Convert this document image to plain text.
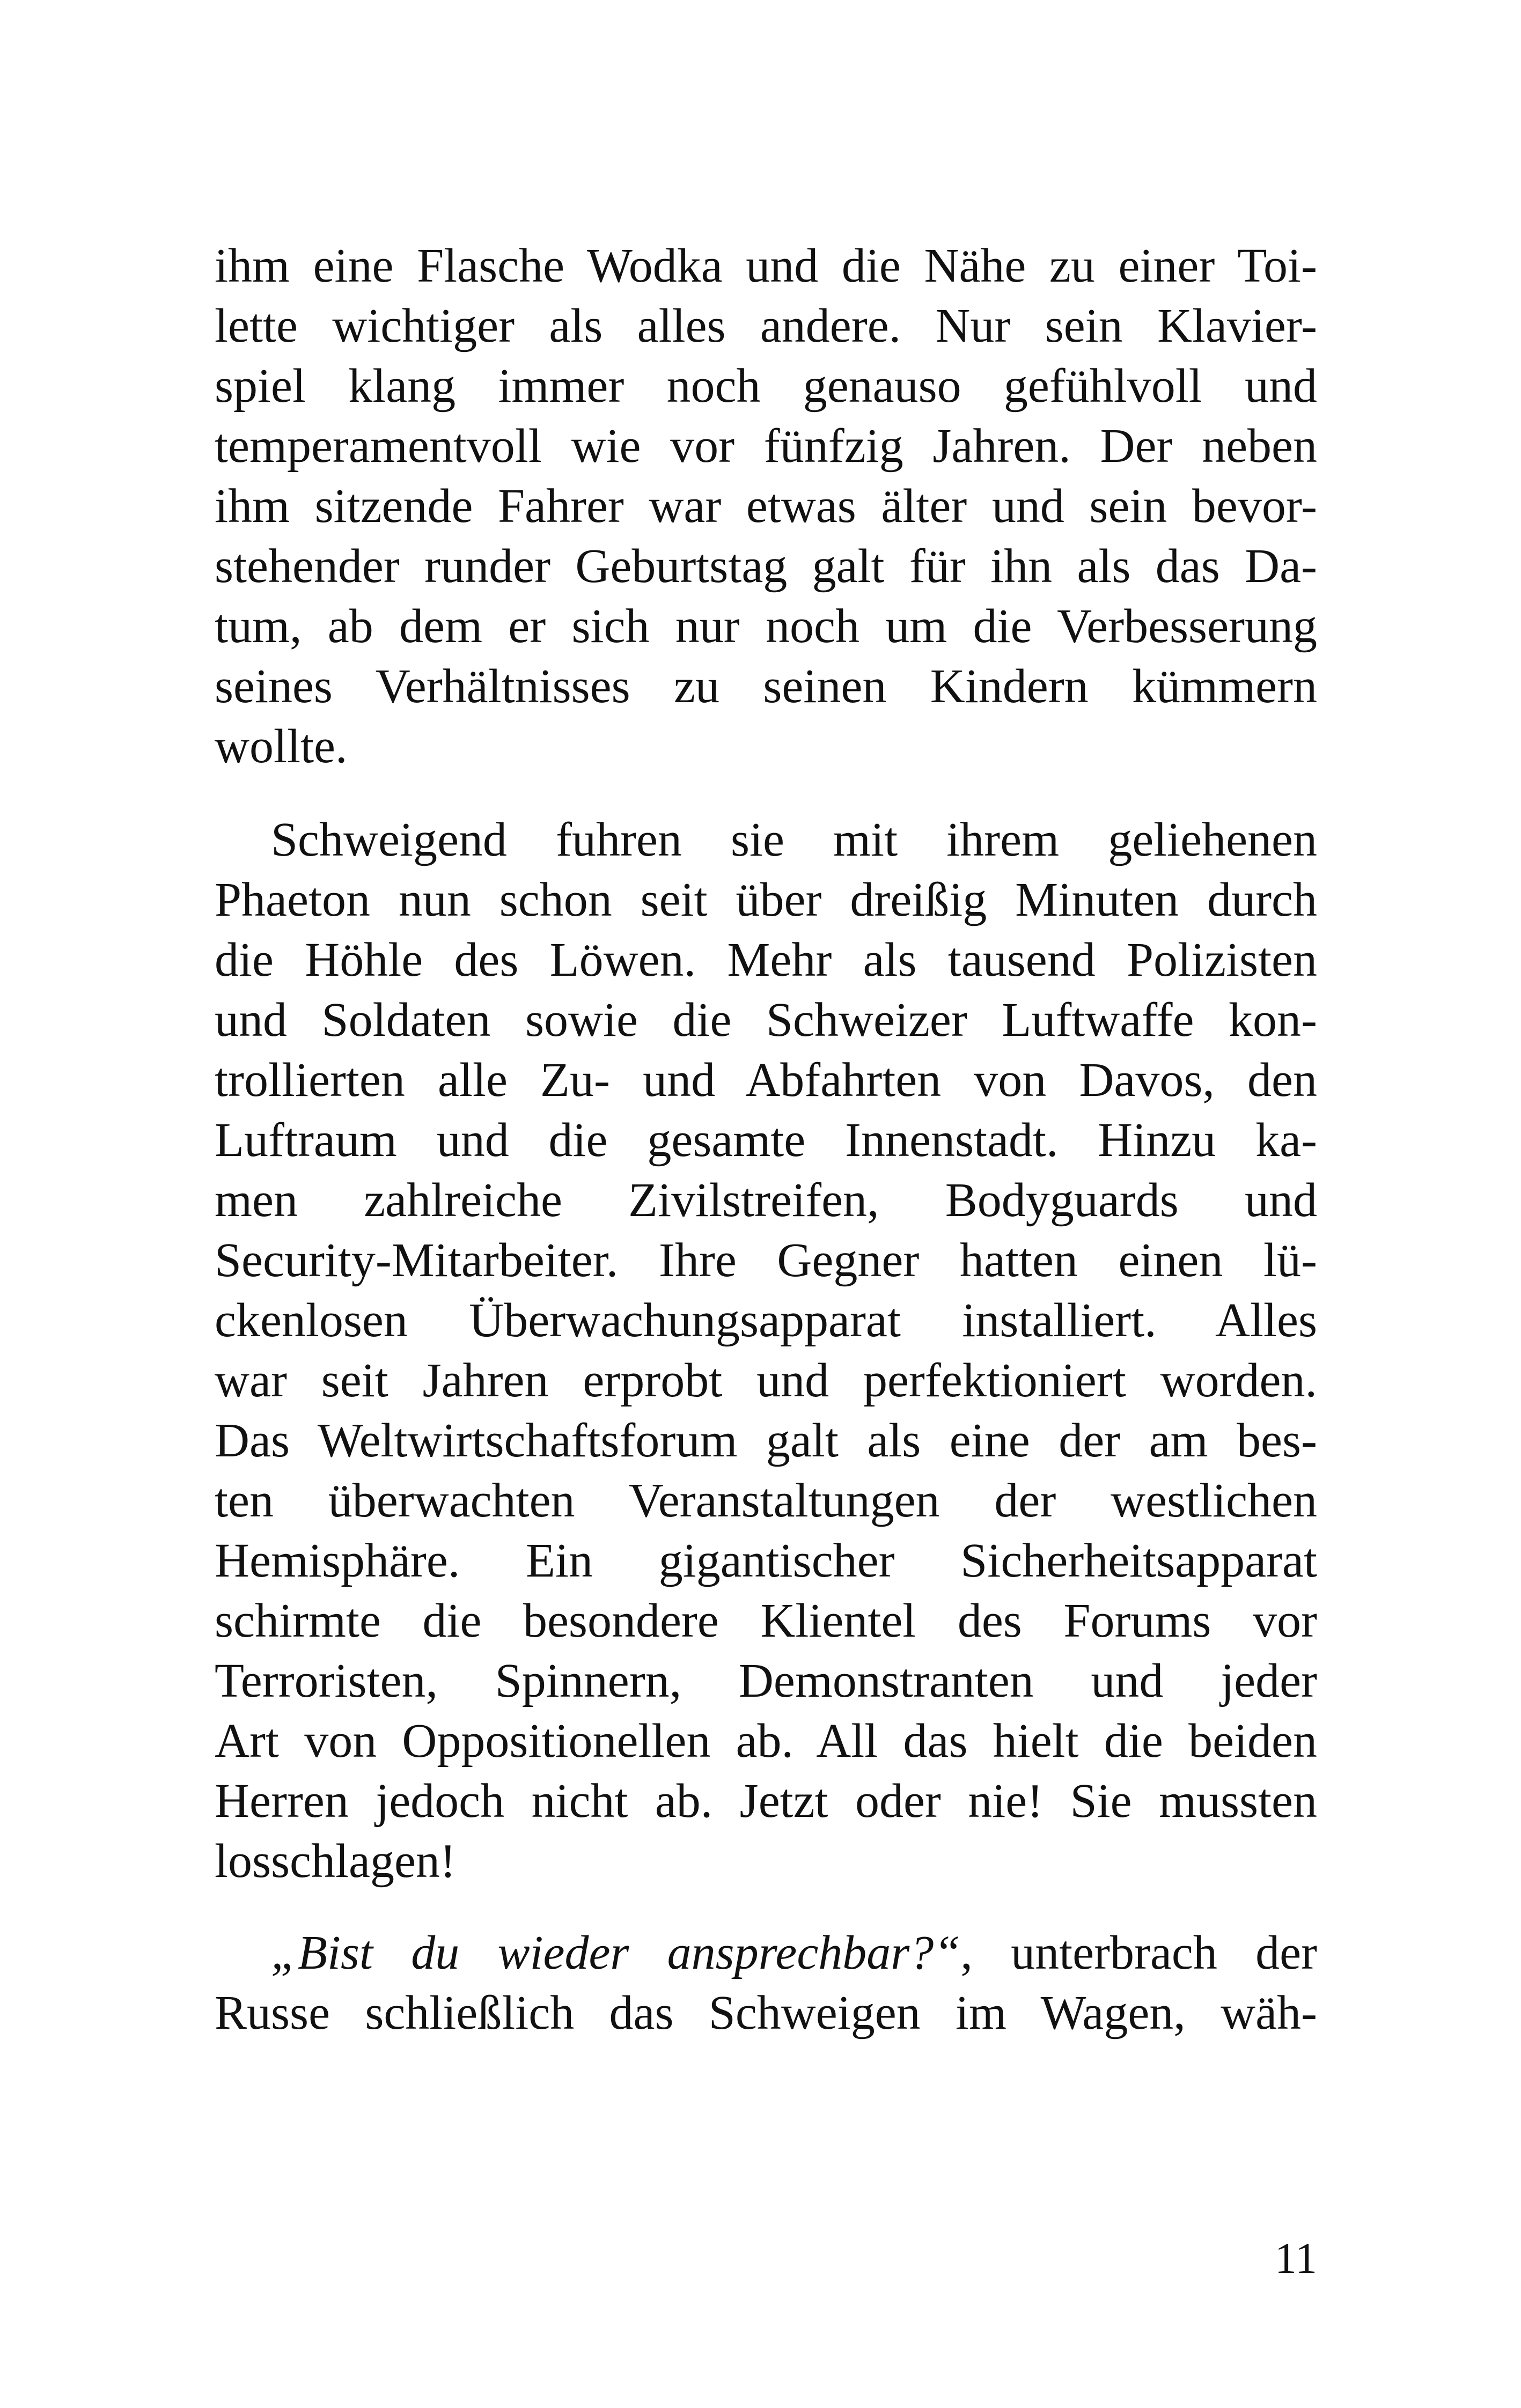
ihm eine Flasche Wodka und die Nähe zu einer Toi-
lette wichtiger als alles andere. Nur sein Klavier-
spiel klang immer noch genauso gefühlvoll und
temperamentvoll wie vor fünfzig Jahren. Der neben
ihm sitzende Fahrer war etwas älter und sein bevor-
stehender runder Geburtstag galt für ihn als das Da-
tum, ab dem er sich nur noch um die Verbesserung
seines Verhältnisses zu seinen Kindern kümmern
wollte.
Schweigend fuhren sie mit ihrem geliehenen
Phaeton nun schon seit über dreißig Minuten durch
die Höhle des Löwen. Mehr als tausend Polizisten
und Soldaten sowie die Schweizer Luftwaffe kon-
trollierten alle Zu- und Abfahrten von Davos, den
Luftraum und die gesamte Innenstadt. Hinzu ka-
men zahlreiche Zivilstreifen, Bodyguards und
Security-Mitarbeiter. Ihre Gegner hatten einen lü-
ckenlosen Überwachungsapparat installiert. Alles
war seit Jahren erprobt und perfektioniert worden.
Das Weltwirtschaftsforum galt als eine der am bes-
ten überwachten Veranstaltungen der westlichen
Hemisphäre. Ein gigantischer Sicherheitsapparat
schirmte die besondere Klientel des Forums vor
Terroristen, Spinnern, Demonstranten und jeder
Art von Oppositionellen ab. All das hielt die beiden
Herren jedoch nicht ab. Jetzt oder nie! Sie mussten
losschlagen!
„Bist du wieder ansprechbar?“, unterbrach der
Russe schließlich das Schweigen im Wagen, wäh-
11
